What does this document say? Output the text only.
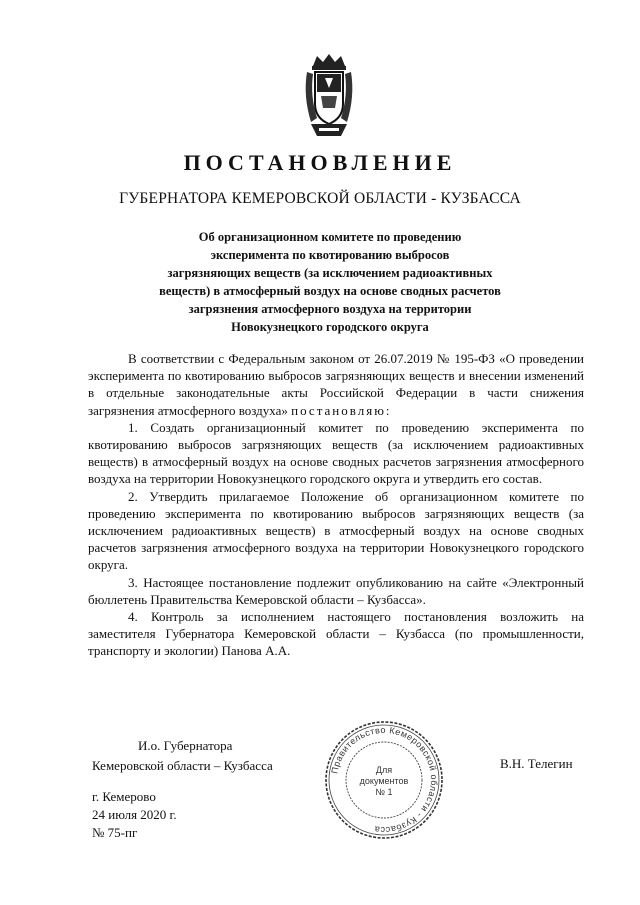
ПОСТАНОВЛЕНИЕ
ГУБЕРНАТОРА КЕМЕРОВСКОЙ ОБЛАСТИ - КУЗБАССА
Об организационном комитете по проведению
эксперимента по квотированию выбросов
загрязняющих веществ (за исключением радиоактивных
веществ) в атмосферный воздух на основе сводных расчетов
загрязнения атмосферного воздуха на территории
Новокузнецкого городского округа

В соответствии с Федеральным законом от 26.07.2019 № 195-ФЗ «О проведении эксперимента по квотированию выбросов загрязняющих веществ и внесении изменений в отдельные законодательные акты Российской Федерации в части снижения загрязнения атмосферного воздуха» постановляю:

1. Создать организационный комитет по проведению эксперимента по квотированию выбросов загрязняющих веществ (за исключением радиоактивных веществ) в атмосферный воздух на основе сводных расчетов загрязнения атмосферного воздуха на территории Новокузнецкого городского округа и утвердить его состав.

2. Утвердить прилагаемое Положение об организационном комитете по проведению эксперимента по квотированию выбросов загрязняющих веществ (за исключением радиоактивных веществ) в атмосферный воздух на основе сводных расчетов загрязнения атмосферного воздуха на территории Новокузнецкого городского округа.

3. Настоящее постановление подлежит опубликованию на сайте «Электронный бюллетень Правительства Кемеровской области – Кузбасса».

4. Контроль за исполнением настоящего постановления возложить на заместителя Губернатора Кемеровской области – Кузбасса (по промышленности, транспорту и экологии) Панова А.А.

И.о. Губернатора
Кемеровской области – Кузбасса	В.Н. Телегин
г. Кемерово
24 июля 2020 г.
№ 75-пг
Правительство Кемеровской области - Кузбасса
Для
документов
№ 1
